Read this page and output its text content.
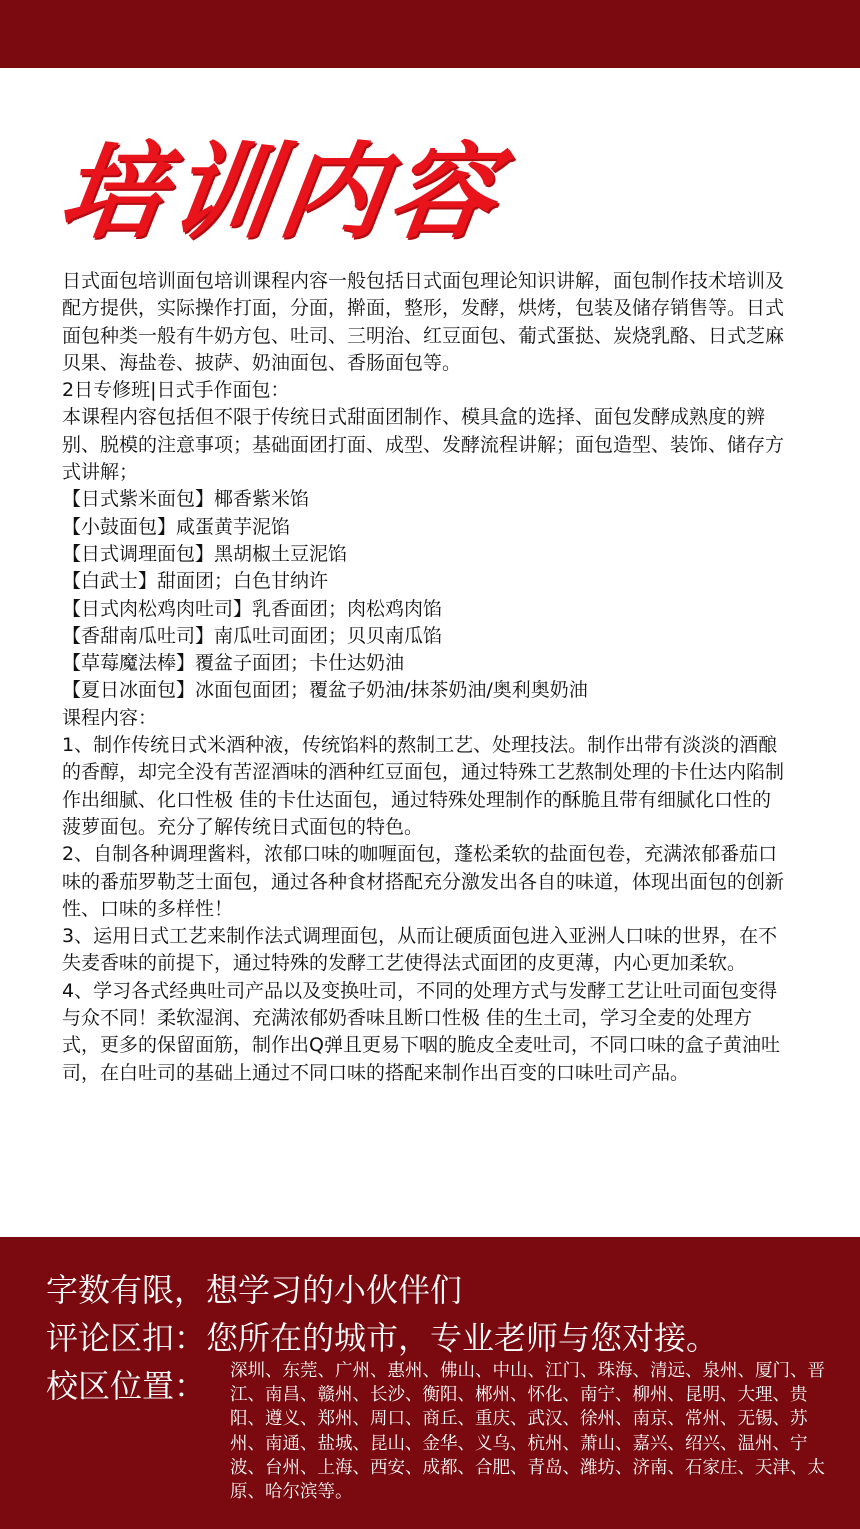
培训内容

日式面包培训面包培训课程内容一般包括日式面包理论知识讲解，面包制作技术培训及配方提供，实际操作打面，分面，擀面，整形，发酵，烘烤，包装及储存销售等。日式面包种类一般有牛奶方包、吐司、三明治、红豆面包、葡式蛋挞、炭烧乳酪、日式芝麻贝果、海盐卷、披萨、奶油面包、香肠面包等。

2日专修班|日式手作面包：

本课程内容包括但不限于传统日式甜面团制作、模具盒的选择、面包发酵成熟度的辨别、脱模的注意事项；基础面团打面、成型、发酵流程讲解；面包造型、装饰、储存方式讲解；

【日式紫米面包】椰香紫米馅

【小鼓面包】咸蛋黄芋泥馅

【日式调理面包】黑胡椒土豆泥馅

【白武士】甜面团；白色甘纳许

【日式肉松鸡肉吐司】乳香面团；肉松鸡肉馅

【香甜南瓜吐司】南瓜吐司面团；贝贝南瓜馅

【草莓魔法棒】覆盆子面团；卡仕达奶油

【夏日冰面包】冰面包面团；覆盆子奶油/抹茶奶油/奥利奥奶油

课程内容：

1、制作传统日式米酒种液，传统馅料的熬制工艺、处理技法。制作出带有淡淡的酒酿的香醇，却完全没有苦涩酒味的酒种红豆面包，通过特殊工艺熬制处理的卡仕达内陷制作出细腻、化口性极 佳的卡仕达面包，通过特殊处理制作的酥脆且带有细腻化口性的菠萝面包。充分了解传统日式面包的特色。

2、自制各种调理酱料，浓郁口味的咖喱面包，蓬松柔软的盐面包卷，充满浓郁番茄口味的番茄罗勒芝士面包，通过各种食材搭配充分激发出各自的味道，体现出面包的创新性、口味的多样性！

3、运用日式工艺来制作法式调理面包，从而让硬质面包进入亚洲人口味的世界，在不失麦香味的前提下，通过特殊的发酵工艺使得法式面团的皮更薄，内心更加柔软。

4、学习各式经典吐司产品以及变换吐司，不同的处理方式与发酵工艺让吐司面包变得与众不同！柔软湿润、充满浓郁奶香味且断口性极 佳的生土司，学习全麦的处理方式，更多的保留面筋，制作出Q弹且更易下咽的脆皮全麦吐司，不同口味的盒子黄油吐司，在白吐司的基础上通过不同口味的搭配来制作出百变的口味吐司产品。

字数有限，想学习的小伙伴们
评论区扣：您所在的城市，专业老师与您对接。
校区位置： 深圳、东莞、广州、惠州、佛山、中山、江门、珠海、清远、泉州、厦门、晋江、南昌、赣州、长沙、衡阳、郴州、怀化、南宁、柳州、昆明、大理、贵阳、遵义、郑州、周口、商丘、重庆、武汉、徐州、南京、常州、无锡、苏州、南通、盐城、昆山、金华、义乌、杭州、萧山、嘉兴、绍兴、温州、宁波、台州、上海、西安、成都、合肥、青岛、潍坊、济南、石家庄、天津、太原、哈尔滨等。
